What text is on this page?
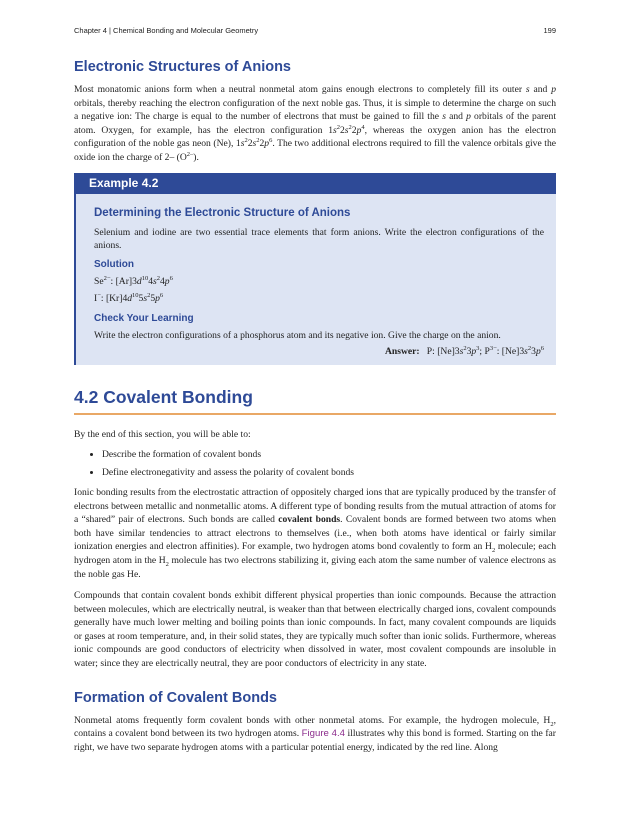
Chapter 4 | Chemical Bonding and Molecular Geometry	199
Electronic Structures of Anions

Most monatomic anions form when a neutral nonmetal atom gains enough electrons to completely fill its outer s and p orbitals, thereby reaching the electron configuration of the next noble gas. Thus, it is simple to determine the charge on such a negative ion: The charge is equal to the number of electrons that must be gained to fill the s and p orbitals of the parent atom. Oxygen, for example, has the electron configuration $1s^22s^22p^4$, whereas the oxygen anion has the electron configuration of the noble gas neon (Ne), $1s^22s^22p^6$. The two additional electrons required to fill the valence orbitals give the oxide ion the charge of 2– $(O^{2-})$.

Example 4.2
Determining the Electronic Structure of Anions

Selenium and iodine are two essential trace elements that form anions. Write the electron configurations of the anions.

Solution
$Se^{2-}$: $[Ar]3d^{10}4s^24p^6$
I−: $[Kr]4d^{10}5s^25p^6$
Check Your Learning

Write the electron configurations of a phosphorus atom and its negative ion. Give the charge on the anion.

Answer: P: $[Ne]3s^23p^3$; $P^{3-}$: $[Ne]3s^23p^6$
4.2 Covalent Bonding

By the end of this section, you will be able to:

• Describe the formation of covalent bonds
• Define electronegativity and assess the polarity of covalent bonds

Ionic bonding results from the electrostatic attraction of oppositely charged ions that are typically produced by the transfer of electrons between metallic and nonmetallic atoms. A different type of bonding results from the mutual attraction of atoms for a “shared” pair of electrons. Such bonds are called covalent bonds. Covalent bonds are formed between two atoms when both have similar tendencies to attract electrons to themselves (i.e., when both atoms have identical or fairly similar ionization energies and electron affinities). For example, two hydrogen atoms bond covalently to form an $H_2$ molecule; each hydrogen atom in the $H_2$ molecule has two electrons stabilizing it, giving each atom the same number of valence electrons as the noble gas He.

Compounds that contain covalent bonds exhibit different physical properties than ionic compounds. Because the attraction between molecules, which are electrically neutral, is weaker than that between electrically charged ions, covalent compounds generally have much lower melting and boiling points than ionic compounds. In fact, many covalent compounds are liquids or gases at room temperature, and, in their solid states, they are typically much softer than ionic solids. Furthermore, whereas ionic compounds are good conductors of electricity when dissolved in water, most covalent compounds are insoluble in water; since they are electrically neutral, they are poor conductors of electricity in any state.

Formation of Covalent Bonds

Nonmetal atoms frequently form covalent bonds with other nonmetal atoms. For example, the hydrogen molecule, $H_2$, contains a covalent bond between its two hydrogen atoms. Figure 4.4 illustrates why this bond is formed. Starting on the far right, we have two separate hydrogen atoms with a particular potential energy, indicated by the red line. Along
